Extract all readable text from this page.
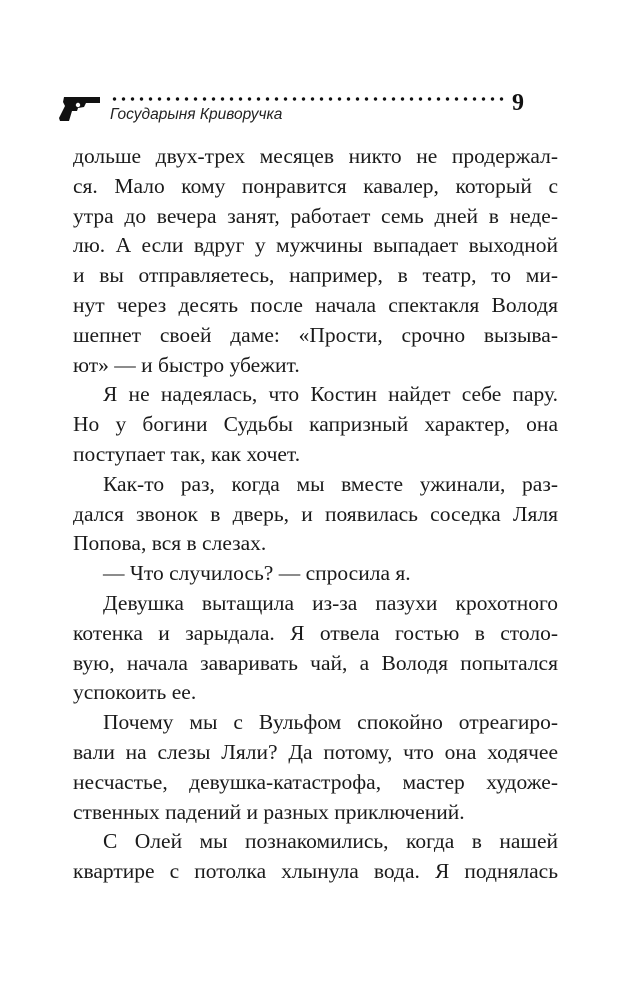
9
Государыня Криворучка
дольше двух-трех месяцев никто не продержал-
ся. Мало кому понравится кавалер, который с
утра до вечера занят, работает семь дней в неде-
лю. А если вдруг у мужчины выпадает выходной
и вы отправляетесь, например, в театр, то ми-
нут через десять после начала спектакля Володя
шепнет своей даме: «Прости, срочно вызыва-
ют» — и быстро убежит.
Я не надеялась, что Костин найдет себе пару.
Но у богини Судьбы капризный характер, она
поступает так, как хочет.
Как-то раз, когда мы вместе ужинали, раз-
дался звонок в дверь, и появилась соседка Ляля
Попова, вся в слезах.
— Что случилось? — спросила я.
Девушка вытащила из-за пазухи крохотного
котенка и зарыдала. Я отвела гостью в столо-
вую, начала заваривать чай, а Володя попытался
успокоить ее.
Почему мы с Вульфом спокойно отреагиро-
вали на слезы Ляли? Да потому, что она ходячее
несчастье, девушка-катастрофа, мастер художе-
ственных падений и разных приключений.
С Олей мы познакомились, когда в нашей
квартире с потолка хлынула вода. Я поднялась
